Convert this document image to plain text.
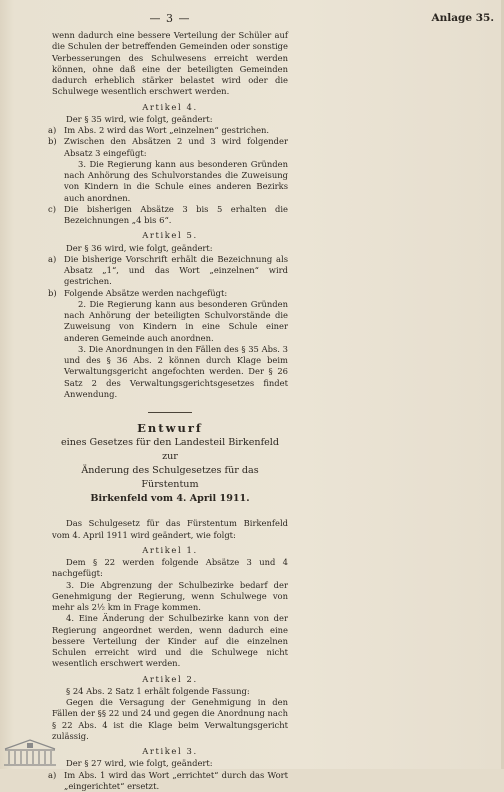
— 3 —	Anlage 35.

wenn dadurch eine bessere Verteilung der Schüler auf die Schulen der betreffenden Gemeinden oder sonstige Verbesserungen des Schulwesens erreicht werden können, ohne daß eine der beteiligten Gemeinden dadurch erheblich stärker belastet wird oder die Schulwege wesentlich erschwert werden.

Artikel 4.

Der § 35 wird, wie folgt, geändert:

a) Im Abs. 2 wird das Wort „einzelnen“ gestrichen.

b) Zwischen den Absätzen 2 und 3 wird folgender Absatz 3 eingefügt:

3. Die Regierung kann aus besonderen Gründen nach Anhörung des Schulvorstandes die Zuweisung von Kindern in die Schule eines anderen Bezirks auch anordnen.

c) Die bisherigen Absätze 3 bis 5 erhalten die Bezeichnungen „4 bis 6“.

Artikel 5.

Der § 36 wird, wie folgt, geändert:

a) Die bisherige Vorschrift erhält die Bezeichnung als Absatz „1“, und das Wort „einzelnen“ wird gestrichen.

b) Folgende Absätze werden nachgefügt:

2. Die Regierung kann aus besonderen Gründen nach Anhörung der beteiligten Schulvorstände die Zuweisung von Kindern in eine Schule einer anderen Gemeinde auch anordnen.

3. Die Anordnungen in den Fällen des § 35 Abs. 3 und des § 36 Abs. 2 können durch Klage beim Verwaltungsgericht angefochten werden. Der § 26 Satz 2 des Verwaltungsgerichtsgesetzes findet Anwendung.

Entwurf

eines Gesetzes für den Landesteil Birkenfeld zur

Änderung des Schulgesetzes für das Fürstentum

Birkenfeld vom 4. April 1911.

Das Schulgesetz für das Fürstentum Birkenfeld vom 4. April 1911 wird geändert, wie folgt:

Artikel 1.

Dem § 22 werden folgende Absätze 3 und 4 nachgefügt:

3. Die Abgrenzung der Schulbezirke bedarf der Genehmigung der Regierung, wenn Schulwege von mehr als 2½ km in Frage kommen.

4. Eine Änderung der Schulbezirke kann von der Regierung angeordnet werden, wenn dadurch eine bessere Verteilung der Kinder auf die einzelnen Schulen erreicht wird und die Schulwege nicht wesentlich erschwert werden.

Artikel 2.

§ 24 Abs. 2 Satz 1 erhält folgende Fassung:

Gegen die Versagung der Genehmigung in den Fällen der §§ 22 und 24 und gegen die Anordnung nach § 22 Abs. 4 ist die Klage beim Verwaltungsgericht zulässig.

Artikel 3.

Der § 27 wird, wie folgt, geändert:

a) Im Abs. 1 wird das Wort „errichtet“ durch das Wort „eingerichtet“ ersetzt.
